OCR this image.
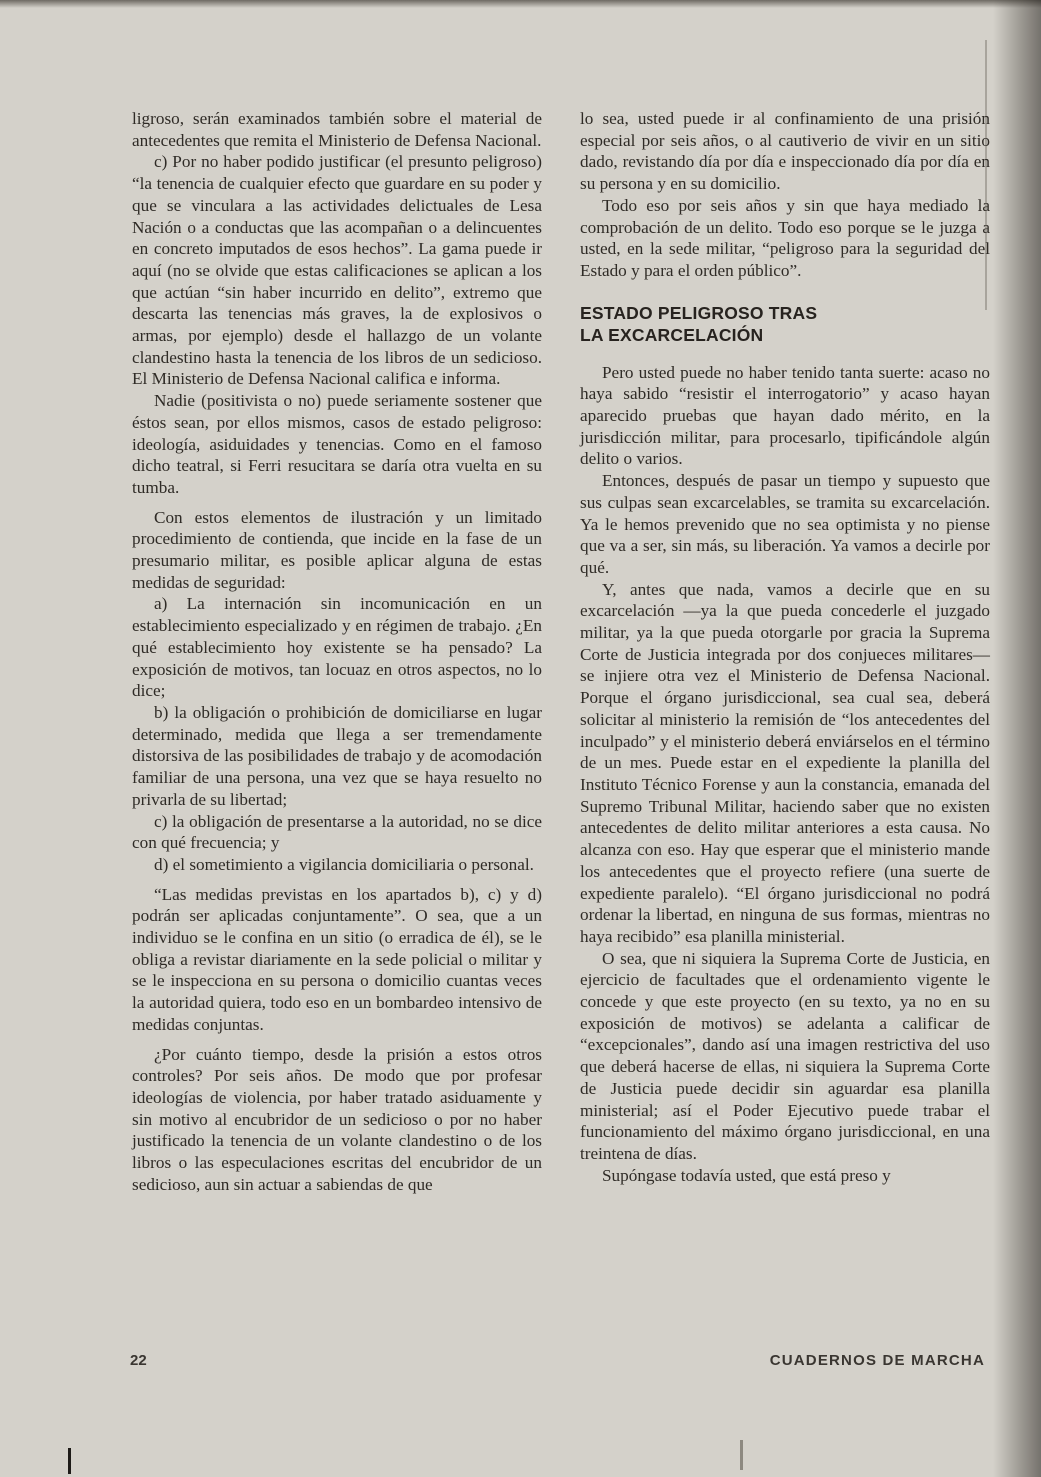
ligroso, serán examinados también sobre el material de antecedentes que remita el Ministerio de Defensa Nacional.

c) Por no haber podido justificar (el presunto peligroso) “la tenencia de cualquier efecto que guardare en su poder y que se vinculara a las actividades delictuales de Lesa Nación o a conductas que las acompañan o a delincuentes en concreto imputados de esos hechos”. La gama puede ir aquí (no se olvide que estas calificaciones se aplican a los que actúan “sin haber incurrido en delito”, extremo que descarta las tenencias más graves, la de explosivos o armas, por ejemplo) desde el hallazgo de un volante clandestino hasta la tenencia de los libros de un sedicioso. El Ministerio de Defensa Nacional califica e informa.

Nadie (positivista o no) puede seriamente sostener que éstos sean, por ellos mismos, casos de estado peligroso: ideología, asiduidades y tenencias. Como en el famoso dicho teatral, si Ferri resucitara se daría otra vuelta en su tumba.

Con estos elementos de ilustración y un limitado procedimiento de contienda, que incide en la fase de un presumario militar, es posible aplicar alguna de estas medidas de seguridad:

a) La internación sin incomunicación en un establecimiento especializado y en régimen de trabajo. ¿En qué establecimiento hoy existente se ha pensado? La exposición de motivos, tan locuaz en otros aspectos, no lo dice;

b) la obligación o prohibición de domiciliarse en lugar determinado, medida que llega a ser tremendamente distorsiva de las posibilidades de trabajo y de acomodación familiar de una persona, una vez que se haya resuelto no privarla de su libertad;

c) la obligación de presentarse a la autoridad, no se dice con qué frecuencia; y

d) el sometimiento a vigilancia domiciliaria o personal.

“Las medidas previstas en los apartados b), c) y d) podrán ser aplicadas conjuntamente”. O sea, que a un individuo se le confina en un sitio (o erradica de él), se le obliga a revistar diariamente en la sede policial o militar y se le inspecciona en su persona o domicilio cuantas veces la autoridad quiera, todo eso en un bombardeo intensivo de medidas conjuntas.

¿Por cuánto tiempo, desde la prisión a estos otros controles? Por seis años. De modo que por profesar ideologías de violencia, por haber tratado asiduamente y sin motivo al encubridor de un sedicioso o por no haber justificado la tenencia de un volante clandestino o de los libros o las especulaciones escritas del encubridor de un sedicioso, aun sin actuar a sabiendas de que

lo sea, usted puede ir al confinamiento de una prisión especial por seis años, o al cautiverio de vivir en un sitio dado, revistando día por día e inspeccionado día por día en su persona y en su domicilio.

Todo eso por seis años y sin que haya mediado la comprobación de un delito. Todo eso porque se le juzga a usted, en la sede militar, “peligroso para la seguridad del Estado y para el orden público”.

ESTADO PELIGROSO TRAS
LA EXCARCELACIÓN

Pero usted puede no haber tenido tanta suerte: acaso no haya sabido “resistir el interrogatorio” y acaso hayan aparecido pruebas que hayan dado mérito, en la jurisdicción militar, para procesarlo, tipificándole algún delito o varios.

Entonces, después de pasar un tiempo y supuesto que sus culpas sean excarcelables, se tramita su excarcelación. Ya le hemos prevenido que no sea optimista y no piense que va a ser, sin más, su liberación. Ya vamos a decirle por qué.

Y, antes que nada, vamos a decirle que en su excarcelación —ya la que pueda concederle el juzgado militar, ya la que pueda otorgarle por gracia la Suprema Corte de Justicia integrada por dos conjueces militares— se injiere otra vez el Ministerio de Defensa Nacional. Porque el órgano jurisdiccional, sea cual sea, deberá solicitar al ministerio la remisión de “los antecedentes del inculpado” y el ministerio deberá enviárselos en el término de un mes. Puede estar en el expediente la planilla del Instituto Técnico Forense y aun la constancia, emanada del Supremo Tribunal Militar, haciendo saber que no existen antecedentes de delito militar anteriores a esta causa. No alcanza con eso. Hay que esperar que el ministerio mande los antecedentes que el proyecto refiere (una suerte de expediente paralelo). “El órgano jurisdiccional no podrá ordenar la libertad, en ninguna de sus formas, mientras no haya recibido” esa planilla ministerial.

O sea, que ni siquiera la Suprema Corte de Justicia, en ejercicio de facultades que el ordenamiento vigente le concede y que este proyecto (en su texto, ya no en su exposición de motivos) se adelanta a calificar de “excepcionales”, dando así una imagen restrictiva del uso que deberá hacerse de ellas, ni siquiera la Suprema Corte de Justicia puede decidir sin aguardar esa planilla ministerial; así el Poder Ejecutivo puede trabar el funcionamiento del máximo órgano jurisdiccional, en una treintena de días.

Supóngase todavía usted, que está preso y

22	CUADERNOS DE MARCHA
